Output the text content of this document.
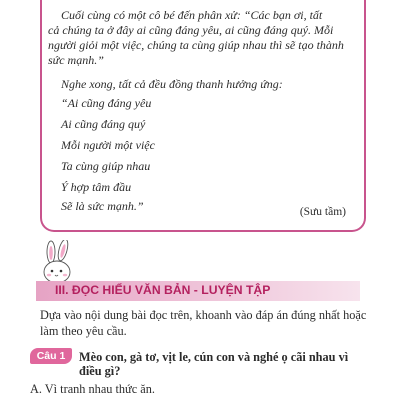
Cuối cùng có một cô bé đến phân xử: “Các bạn ơi, tất
cả chúng ta ở đây ai cũng đáng yêu, ai cũng đáng quý. Mỗi
người giỏi một việc, chúng ta cùng giúp nhau thì sẽ tạo thành
sức mạnh.”
Nghe xong, tất cả đều đồng thanh hưởng ứng:
“Ai cũng đáng yêu
Ai cũng đáng quý
Mỗi người một việc
Ta cùng giúp nhau
Ý hợp tâm đầu
Sẽ là sức mạnh.”	(Sưu tầm)
III. ĐỌC HIỂU VĂN BẢN - LUYỆN TẬP
Dựa vào nội dung bài đọc trên, khoanh vào đáp án đúng nhất hoặc
làm theo yêu cầu.
Câu 1	Mèo con, gà tơ, vịt le, cún con và nghé ọ cãi nhau vì
điều gì?
A. Vì tranh nhau thức ăn.
